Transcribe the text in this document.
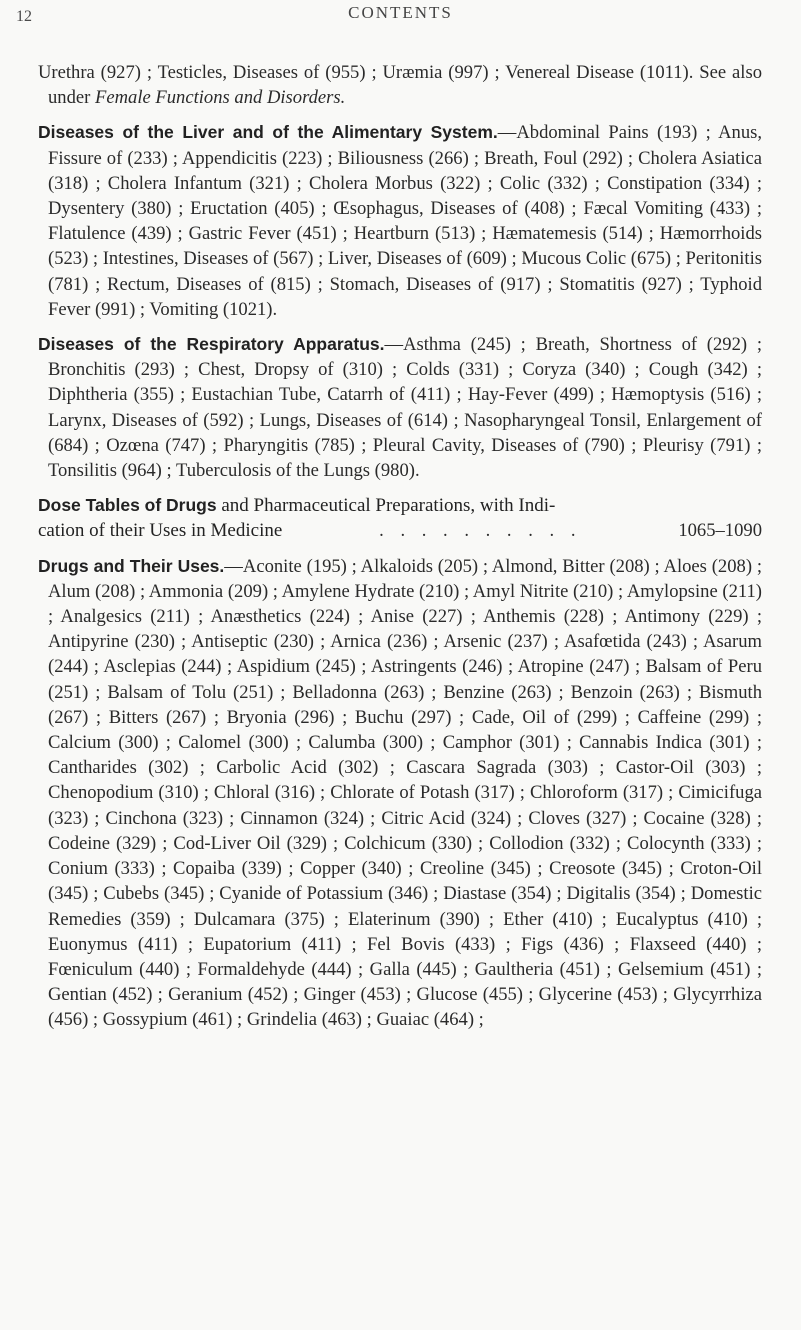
12	CONTENTS

Urethra (927) ; Testicles, Diseases of (955) ; Uræmia (997) ; Venereal Disease (1011). See also under Female Functions and Disorders.

Diseases of the Liver and of the Alimentary System.—Abdominal Pains (193) ; Anus, Fissure of (233) ; Appendicitis (223) ; Biliousness (266) ; Breath, Foul (292) ; Cholera Asiatica (318) ; Cholera Infantum (321) ; Cholera Morbus (322) ; Colic (332) ; Constipation (334) ; Dysentery (380) ; Eructation (405) ; Œsophagus, Diseases of (408) ; Fæcal Vomiting (433) ; Flatulence (439) ; Gastric Fever (451) ; Heartburn (513) ; Hæmatemesis (514) ; Hæmorrhoids (523) ; Intestines, Diseases of (567) ; Liver, Diseases of (609) ; Mucous Colic (675) ; Peritonitis (781) ; Rectum, Diseases of (815) ; Stomach, Diseases of (917) ; Stomatitis (927) ; Typhoid Fever (991) ; Vomiting (1021).

Diseases of the Respiratory Apparatus.—Asthma (245) ; Breath, Shortness of (292) ; Bronchitis (293) ; Chest, Dropsy of (310) ; Colds (331) ; Coryza (340) ; Cough (342) ; Diphtheria (355) ; Eustachian Tube, Catarrh of (411) ; Hay-Fever (499) ; Hæmoptysis (516) ; Larynx, Diseases of (592) ; Lungs, Diseases of (614) ; Nasopharyngeal Tonsil, Enlargement of (684) ; Ozœna (747) ; Pharyngitis (785) ; Pleural Cavity, Diseases of (790) ; Pleurisy (791) ; Tonsilitis (964) ; Tuberculosis of the Lungs (980).

Dose Tables of Drugs and Pharmaceutical Preparations, with Indi-
cation of their Uses in Medicine	. . . . . . . . . .	1065–1090

Drugs and Their Uses.—Aconite (195) ; Alkaloids (205) ; Almond, Bitter (208) ; Aloes (208) ; Alum (208) ; Ammonia (209) ; Amylene Hydrate (210) ; Amyl Nitrite (210) ; Amylopsine (211) ; Analgesics (211) ; Anæsthetics (224) ; Anise (227) ; Anthemis (228) ; Antimony (229) ; Antipyrine (230) ; Antiseptic (230) ; Arnica (236) ; Arsenic (237) ; Asafœtida (243) ; Asarum (244) ; Asclepias (244) ; Aspidium (245) ; Astringents (246) ; Atropine (247) ; Balsam of Peru (251) ; Balsam of Tolu (251) ; Belladonna (263) ; Benzine (263) ; Benzoin (263) ; Bismuth (267) ; Bitters (267) ; Bryonia (296) ; Buchu (297) ; Cade, Oil of (299) ; Caffeine (299) ; Calcium (300) ; Calomel (300) ; Calumba (300) ; Camphor (301) ; Cannabis Indica (301) ; Cantharides (302) ; Carbolic Acid (302) ; Cascara Sagrada (303) ; Castor-Oil (303) ; Chenopodium (310) ; Chloral (316) ; Chlorate of Potash (317) ; Chloroform (317) ; Cimicifuga (323) ; Cinchona (323) ; Cinnamon (324) ; Citric Acid (324) ; Cloves (327) ; Cocaine (328) ; Codeine (329) ; Cod-Liver Oil (329) ; Colchicum (330) ; Collodion (332) ; Colocynth (333) ; Conium (333) ; Copaiba (339) ; Copper (340) ; Creoline (345) ; Creosote (345) ; Croton-Oil (345) ; Cubebs (345) ; Cyanide of Potassium (346) ; Diastase (354) ; Digitalis (354) ; Domestic Remedies (359) ; Dulcamara (375) ; Elaterinum (390) ; Ether (410) ; Eucalyptus (410) ; Euonymus (411) ; Eupatorium (411) ; Fel Bovis (433) ; Figs (436) ; Flaxseed (440) ; Fœniculum (440) ; Formaldehyde (444) ; Galla (445) ; Gaultheria (451) ; Gelsemium (451) ; Gentian (452) ; Geranium (452) ; Ginger (453) ; Glucose (455) ; Glycerine (453) ; Glycyrrhiza (456) ; Gossypium (461) ; Grindelia (463) ; Guaiac (464) ;
